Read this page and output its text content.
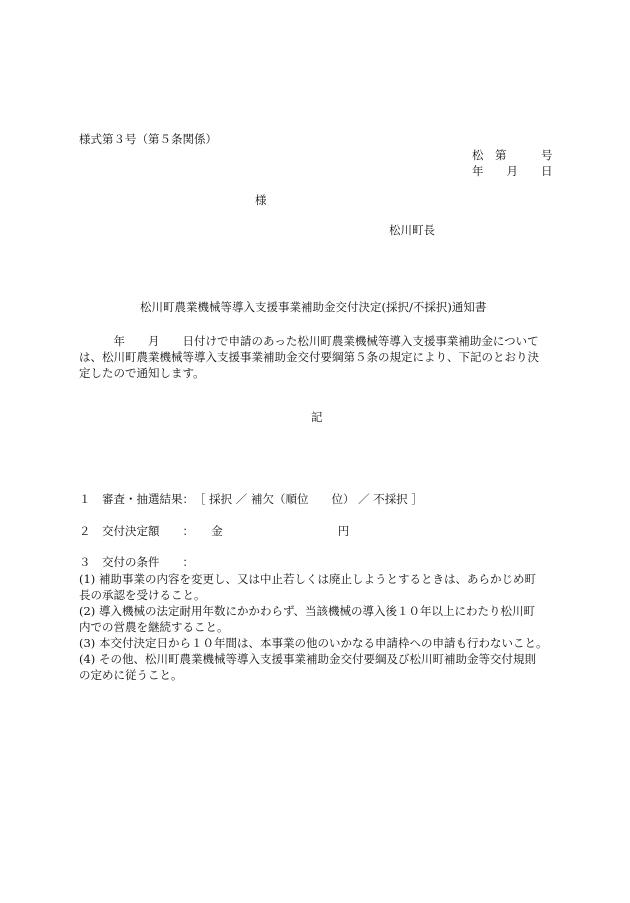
様式第３号（第５条関係）
松　第　　　号
年　　月　　日
様
松川町長
松川町農業機械等導入支援事業補助金交付決定(採択/不採択)通知書

　　　年　　月　　日付けで申請のあった松川町農業機械等導入支援事業補助金について

は、松川町農業機械等導入支援事業補助金交付要綱第５条の規定により、下記のとおり決

定したので通知します。

記
１　審査・抽選結果：　［ 採択 ／ 補欠（順位　　位） ／ 不採択 ］
２　交付決定額　　：　　金　　　　　　　　　　円
３　交付の条件　　：
(1) 補助事業の内容を変更し、又は中止若しくは廃止しようとするときは、あらかじめ町
長の承認を受けること。
(2) 導入機械の法定耐用年数にかかわらず、当該機械の導入後１０年以上にわたり松川町
内での営農を継続すること。
(3) 本交付決定日から１０年間は、本事業の他のいかなる申請枠への申請も行わないこと。
(4) その他、松川町農業機械等導入支援事業補助金交付要綱及び松川町補助金等交付規則
の定めに従うこと。
